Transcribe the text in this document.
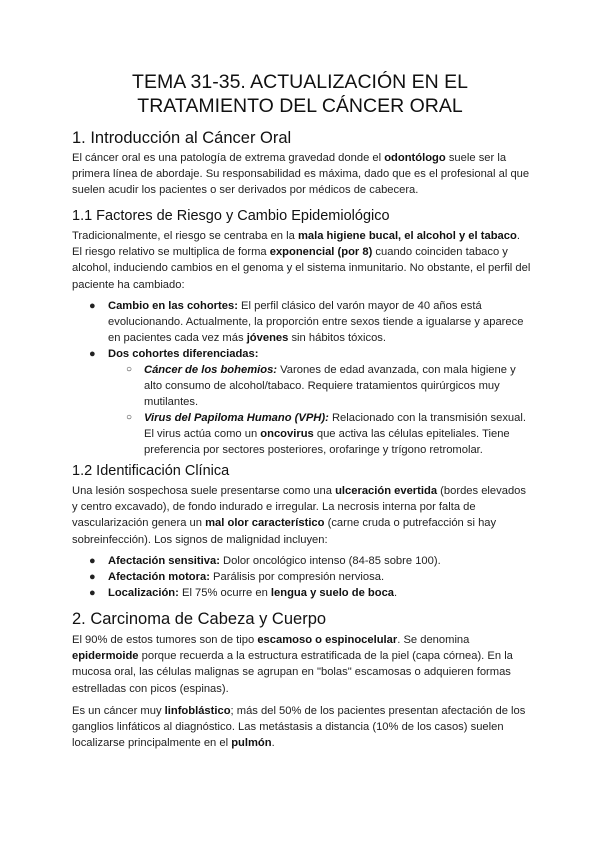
TEMA 31-35. ACTUALIZACIÓN EN EL TRATAMIENTO DEL CÁNCER ORAL
1. Introducción al Cáncer Oral

El cáncer oral es una patología de extrema gravedad donde el odontólogo suele ser la primera línea de abordaje. Su responsabilidad es máxima, dado que es el profesional al que suelen acudir los pacientes o ser derivados por médicos de cabecera.

1.1 Factores de Riesgo y Cambio Epidemiológico

Tradicionalmente, el riesgo se centraba en la mala higiene bucal, el alcohol y el tabaco. El riesgo relativo se multiplica de forma exponencial (por 8) cuando coinciden tabaco y alcohol, induciendo cambios en el genoma y el sistema inmunitario. No obstante, el perfil del paciente ha cambiado:

● Cambio en las cohortes: El perfil clásico del varón mayor de 40 años está evolucionando. Actualmente, la proporción entre sexos tiende a igualarse y aparece en pacientes cada vez más jóvenes sin hábitos tóxicos.

● Dos cohortes diferenciadas:

○ Cáncer de los bohemios: Varones de edad avanzada, con mala higiene y alto consumo de alcohol/tabaco. Requiere tratamientos quirúrgicos muy mutilantes.

○ Virus del Papiloma Humano (VPH): Relacionado con la transmisión sexual. El virus actúa como un oncovirus que activa las células epiteliales. Tiene preferencia por sectores posteriores, orofaringe y trígono retromolar.

1.2 Identificación Clínica

Una lesión sospechosa suele presentarse como una ulceración evertida (bordes elevados y centro excavado), de fondo indurado e irregular. La necrosis interna por falta de vascularización genera un mal olor característico (carne cruda o putrefacción si hay sobreinfección). Los signos de malignidad incluyen:

● Afectación sensitiva: Dolor oncológico intenso (84-85 sobre 100).

● Afectación motora: Parálisis por compresión nerviosa.

● Localización: El 75% ocurre en lengua y suelo de boca.

2. Carcinoma de Cabeza y Cuerpo

El 90% de estos tumores son de tipo escamoso o espinocelular. Se denomina epidermoide porque recuerda a la estructura estratificada de la piel (capa córnea). En la mucosa oral, las células malignas se agrupan en "bolas" escamosas o adquieren formas estrelladas con picos (espinas).

Es un cáncer muy linfoblástico; más del 50% de los pacientes presentan afectación de los ganglios linfáticos al diagnóstico. Las metástasis a distancia (10% de los casos) suelen localizarse principalmente en el pulmón.
